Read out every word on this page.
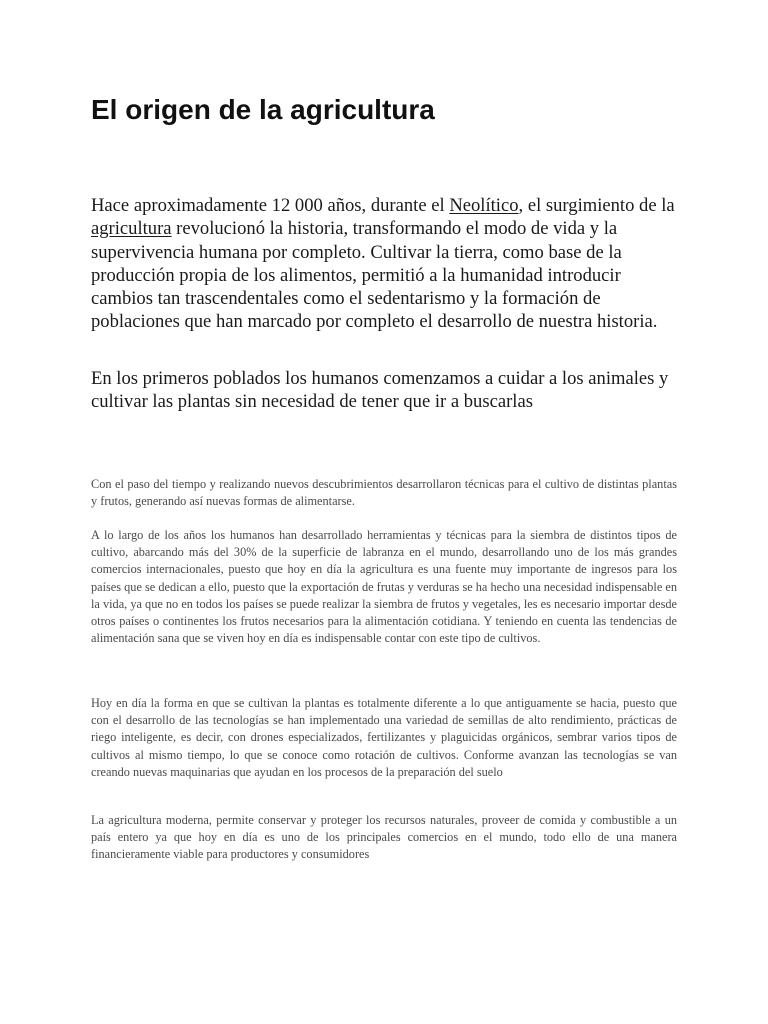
El origen de la agricultura

Hace aproximadamente 12 000 años, durante el Neolítico, el surgimiento de la agricultura revolucionó la historia, transformando el modo de vida y la supervivencia humana por completo. Cultivar la tierra, como base de la producción propia de los alimentos, permitió a la humanidad introducir cambios tan trascendentales como el sedentarismo y la formación de poblaciones que han marcado por completo el desarrollo de nuestra historia.

En los primeros poblados los humanos comenzamos a cuidar a los animales y cultivar las plantas sin necesidad de tener que ir a buscarlas

Con el paso del tiempo y realizando nuevos descubrimientos desarrollaron técnicas para el cultivo de distintas plantas y frutos, generando así nuevas formas de alimentarse.

A lo largo de los años los humanos han desarrollado herramientas y técnicas para la siembra de distintos tipos de cultivo, abarcando más del 30% de la superficie de labranza en el mundo, desarrollando uno de los más grandes comercios internacionales, puesto que hoy en día la agricultura es una fuente muy importante de ingresos para los países que se dedican a ello, puesto que la exportación de frutas y verduras se ha hecho una necesidad indispensable en la vida, ya que no en todos los países se puede realizar la siembra de frutos y vegetales, les es necesario importar desde otros países o continentes los frutos necesarios para la alimentación cotidiana. Y teniendo en cuenta las tendencias de alimentación sana que se viven hoy en día es indispensable contar con este tipo de cultivos.

Hoy en día la forma en que se cultivan la plantas es totalmente diferente a lo que antiguamente se hacia, puesto que con el desarrollo de las tecnologías se han implementado una variedad de semillas de alto rendimiento, prácticas de riego inteligente, es decir, con drones especializados, fertilizantes y plaguicidas orgánicos, sembrar varios tipos de cultivos al mismo tiempo, lo que se conoce como rotación de cultivos. Conforme avanzan las tecnologías se van creando nuevas maquinarias que ayudan en los procesos de la preparación del suelo

La agricultura moderna, permite conservar y proteger los recursos naturales, proveer de comida y combustible a un país entero ya que hoy en día es uno de los principales comercios en el mundo, todo ello de una manera financieramente viable para productores y consumidores
